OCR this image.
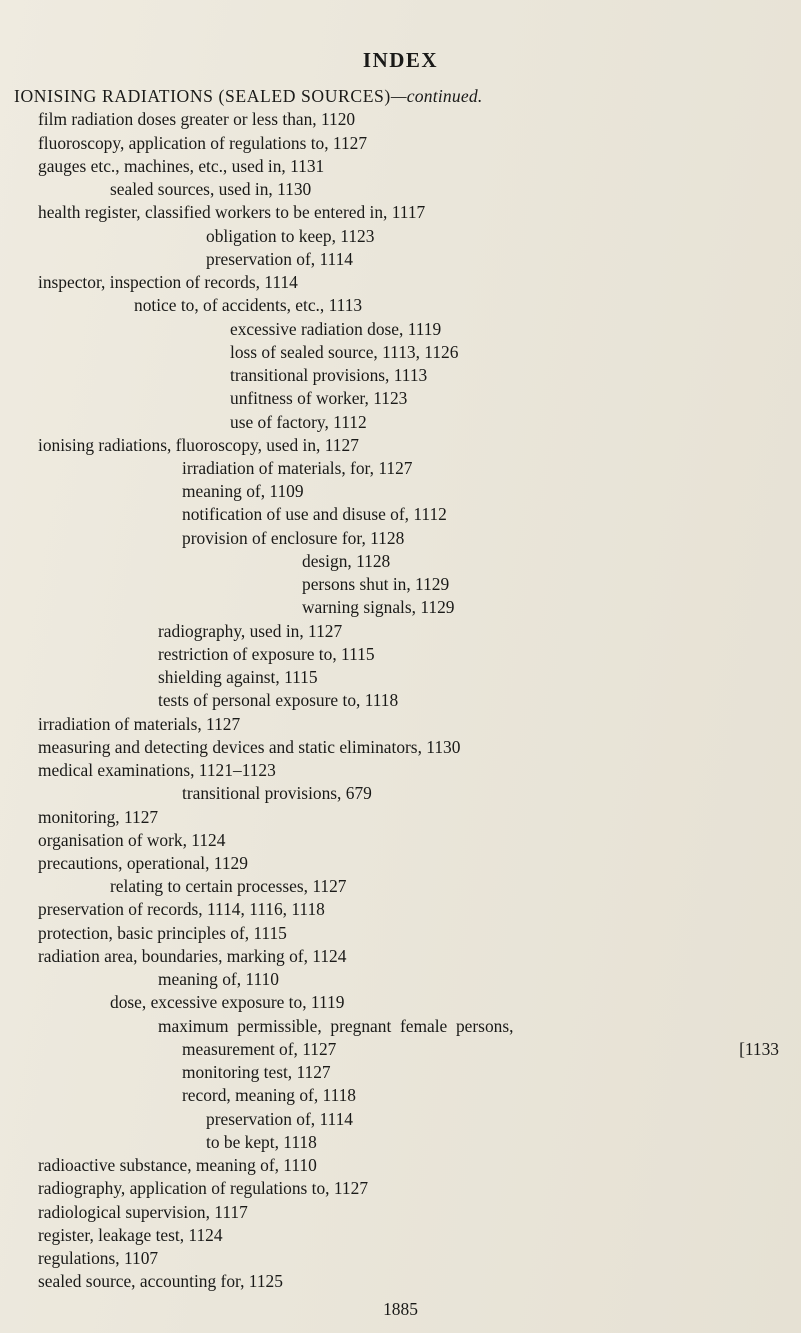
INDEX
IONISING RADIATIONS (SEALED SOURCES)—continued.
film radiation doses greater or less than, 1120
fluoroscopy, application of regulations to, 1127
gauges etc., machines, etc., used in, 1131
sealed sources, used in, 1130
health register, classified workers to be entered in, 1117
obligation to keep, 1123
preservation of, 1114
inspector, inspection of records, 1114
notice to, of accidents, etc., 1113
excessive radiation dose, 1119
loss of sealed source, 1113, 1126
transitional provisions, 1113
unfitness of worker, 1123
use of factory, 1112
ionising radiations, fluoroscopy, used in, 1127
irradiation of materials, for, 1127
meaning of, 1109
notification of use and disuse of, 1112
provision of enclosure for, 1128
design, 1128
persons shut in, 1129
warning signals, 1129
radiography, used in, 1127
restriction of exposure to, 1115
shielding against, 1115
tests of personal exposure to, 1118
irradiation of materials, 1127
measuring and detecting devices and static eliminators, 1130
medical examinations, 1121–1123
transitional provisions, 679
monitoring, 1127
organisation of work, 1124
precautions, operational, 1129
relating to certain processes, 1127
preservation of records, 1114, 1116, 1118
protection, basic principles of, 1115
radiation area, boundaries, marking of, 1124
meaning of, 1110
dose, excessive exposure to, 1119
maximum  permissible,  pregnant  female  persons,
measurement of, 1127	[1133
monitoring test, 1127
record, meaning of, 1118
preservation of, 1114
to be kept, 1118
radioactive substance, meaning of, 1110
radiography, application of regulations to, 1127
radiological supervision, 1117
register, leakage test, 1124
regulations, 1107
sealed source, accounting for, 1125
1885
